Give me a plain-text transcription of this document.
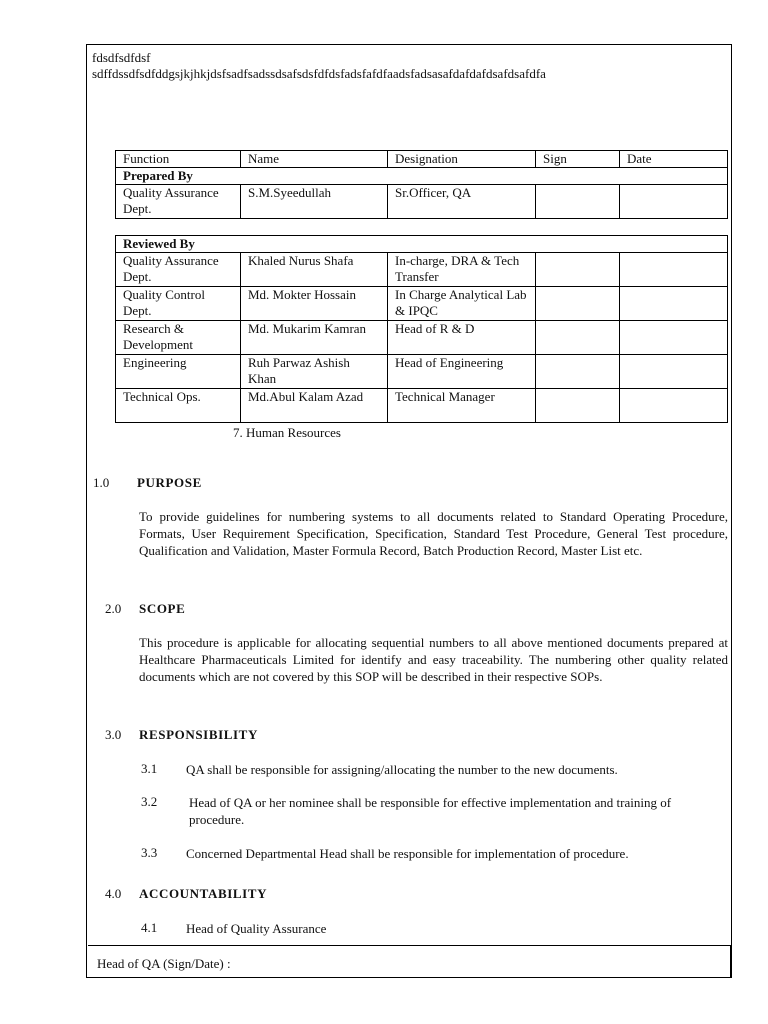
fdsdfsdfdsf
sdffdssdfsdfddgsjkjhkjdsfsadfsadssdsafsdsfdfdsfadsfafdfaadsfadsasafdafdafdsafdsafdfa
Function	Name	Designation	Sign	Date
Prepared By				
Quality Assurance Dept.	S.M.Syeedullah	Sr.Officer, QA		
Reviewed By				
Quality Assurance Dept.	Khaled Nurus Shafa	In-charge, DRA & Tech Transfer		
Quality Control Dept.	Md. Mokter Hossain	In Charge Analytical Lab & IPQC		
Research & Development	Md. Mukarim Kamran	Head of R & D		
Engineering	Ruh Parwaz Ashish Khan	Head of Engineering		
Technical Ops.	Md.Abul Kalam Azad	Technical Manager		
7. Human Resources
1.0 PURPOSE
To provide guidelines for numbering systems to all documents related to Standard Operating Procedure, Formats, User Requirement Specification, Specification, Standard Test Procedure, General Test procedure, Qualification and Validation, Master Formula Record, Batch Production Record, Master List etc.
2.0 SCOPE
This procedure is applicable for allocating sequential numbers to all above mentioned documents prepared at Healthcare Pharmaceuticals Limited for identify and easy traceability. The numbering other quality related documents which are not covered by this SOP will be described in their respective SOPs.
3.0 RESPONSIBILITY
3.1 QA shall be responsible for assigning/allocating the number to the new documents.
3.2 Head of QA or her nominee shall be responsible for effective implementation and training of procedure.
3.3 Concerned Departmental Head shall be responsible for implementation of procedure.
4.0 ACCOUNTABILITY
4.1 Head of Quality Assurance
Head of QA (Sign/Date) :
